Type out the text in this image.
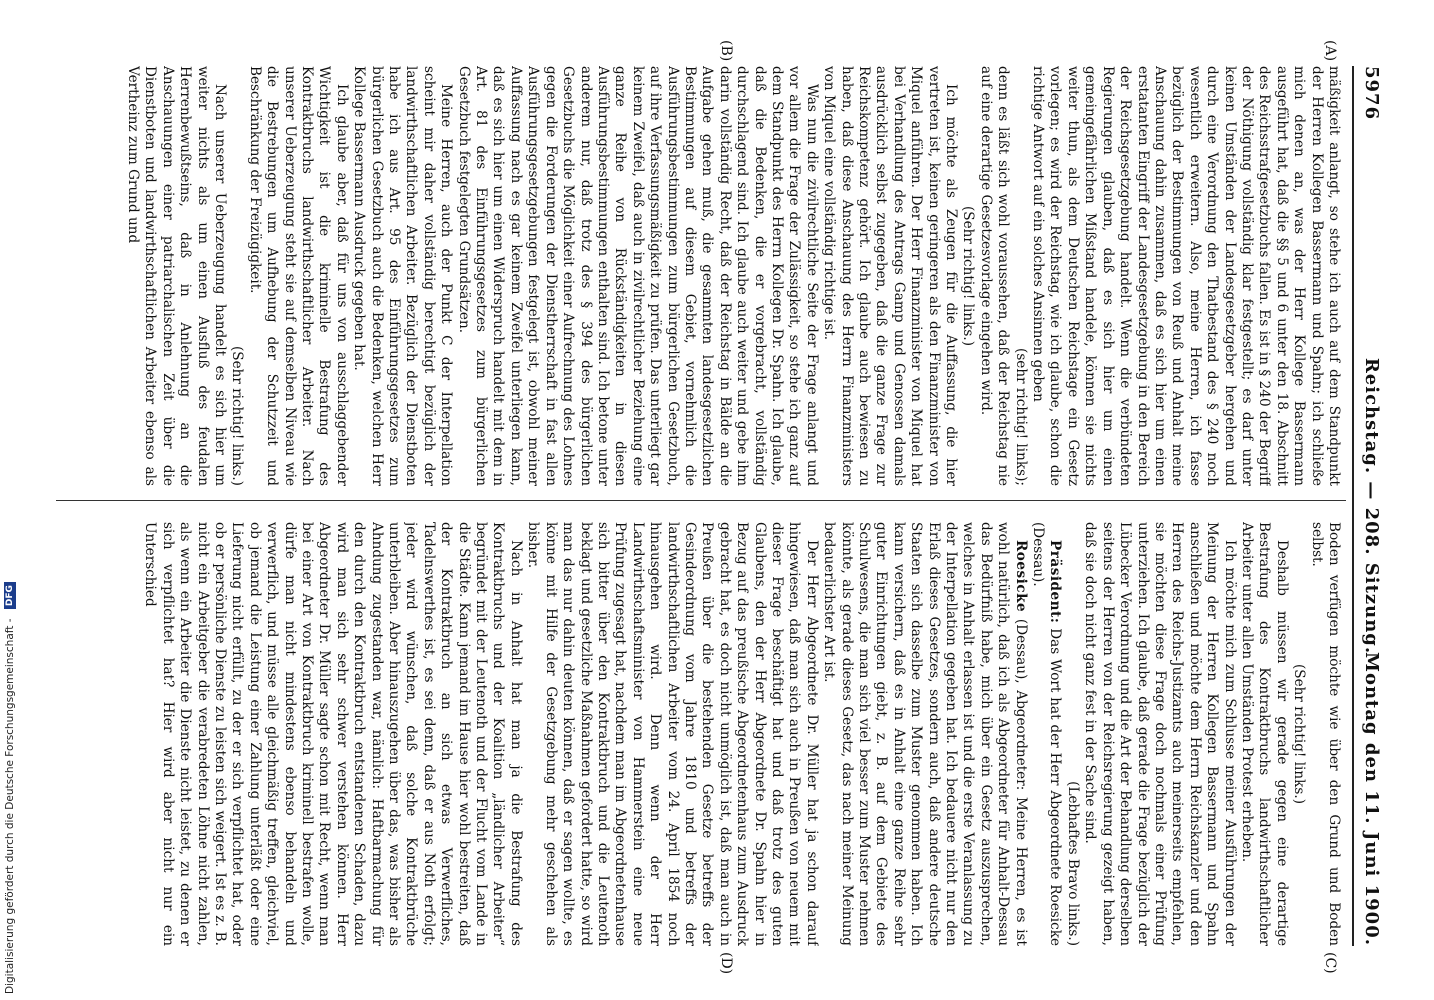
5976
Reichstag. — 208. Sitzung.
Montag den 11. Juni 1900.
(A)
(B)
(C)
(D)

mäßigkeit anlangt, so stehe ich auch auf dem Standpunkt der Herren Kollegen Bassermann und Spahn; ich schließe mich denen an, was der Herr Kollege Bassermann ausgeführt hat, daß die §§ 5 und 6 unter den 18. Abschnitt des Reichsstrafgesetzbuchs fallen. Es ist in § 240 der Begriff der Nöthigung vollständig klar festgestellt; es darf unter keinen Umständen der Landesgesetzgeber hergehen und durch eine Verordnung den Thatbestand des § 240 noch wesentlich erweitern. Also, meine Herren, ich fasse bezüglich der Bestimmungen von Reuß und Anhalt meine Anschauung dahin zusammen, daß es sich hier um einen erstatanten Eingriff der Landesgesetzgebung in den Bereich der Reichsgesetzgebung handelt. Wenn die verbündeten Regierungen glauben, daß es sich hier um einen gemeingefährlichen Mißstand handele, können sie nichts weiter thun, als dem Deutschen Reichstage ein Gesetz vorlegen; es wird der Reichstag, wie ich glaube, schon die richtige Antwort auf ein solches Ansinnen geben

(sehr richtig! links);

denn es läßt sich wohl voraussehen, daß der Reichstag nie auf eine derartige Gesetzesvorlage eingehen wird.

(Sehr richtig! links.)

Ich möchte als Zeugen für die Auffassung, die hier vertreten ist, keinen geringeren als den Finanzminister von Miquel anführen. Der Herr Finanzminister von Miquel hat bei Verhandlung des Antrags Gamp und Genossen damals ausdrücklich selbst zugegeben, daß die ganze Frage zur Reichskompetenz gehört. Ich glaube auch bewiesen zu haben, daß diese Anschauung des Herrn Finanzministers von Miquel eine vollständig richtige ist.

Was nun die zivilrechtliche Seite der Frage anlangt und vor allem die Frage der Zulässigkeit, so stehe ich ganz auf dem Standpunkt des Herrn Kollegen Dr. Spahn. Ich glaube, daß die Bedenken, die er vorgebracht, vollständig durchschlagend sind. Ich glaube auch weiter und gebe ihm darin vollständig Recht, daß der Reichstag in Bälde an die Aufgabe gehen muß, die gesammten landesgesetzlichen Bestimmungen auf diesem Gebiet, vornehmlich die Ausführungsbestimmungen zum bürgerlichen Gesetzbuch, auf ihre Verfassungsmäßigkeit zu prüfen. Das unterliegt gar keinem Zweifel, daß auch in zivilrechtlicher Beziehung eine ganze Reihe von Rückständigkeiten in diesen Ausführungsbestimmungen enthalten sind. Ich betone unter anderem nur, daß trotz des § 394 des bürgerlichen Gesetzbuchs die Möglichkeit einer Aufrechnung des Lohnes gegen die Forderungen der Dienstherrschaft in fast allen Ausführungsgesetzgebungen festgelegt ist, obwohl meiner Auffassung nach es gar keinem Zweifel unterliegen kann, daß es sich hier um einen Widerspruch handelt mit dem in Art. 81 des Einführungsgesetzes zum bürgerlichen Gesetzbuch festgelegten Grundsätzen.

Meine Herren, auch der Punkt C der Interpellation scheint mir daher vollständig berechtigt bezüglich der landwirthschaftlichen Arbeiter. Bezüglich der Dienstboten habe ich aus Art. 95 des Einführungsgesetzes zum bürgerlichen Gesetzbuch auch die Bedenken, welchen Herr Kollege Bassermann Ausdruck gegeben hat.

Ich glaube aber, daß für uns von ausschlaggebender Wichtigkeit ist die kriminelle Bestrafung des Kontraktbruchs landwirthschaftlicher Arbeiter. Nach unserer Ueberzeugung steht sie auf demselben Niveau wie die Bestrebungen um Aufhebung der Schutzzeit und Beschränkung der Freizügigkeit.

(Sehr richtig! links.)

Nach unserer Ueberzeugung handelt es sich hier um weiter nichts als um einen Ausfluß des feudalen Herrenbewußtseins, daß in Anlehnung an die Anschauungen einer patriarchalischen Zeit über die Dienstboten und landwirthschaftlichen Arbeiter ebenso als Vertheinz zum Grund und

Boden verfügen möchte wie über den Grund und Boden selbst.

(Sehr richtig! links.)

Deshalb müssen wir gerade gegen eine derartige Bestrafung des Kontraktbruchs landwirthschaftlicher Arbeiter unter allen Umständen Protest erheben.

Ich möchte mich zum Schlusse meiner Ausführungen der Meinung der Herren Kollegen Bassermann und Spahn anschließen und möchte dem Herrn Reichskanzler und den Herren des Reichs-Justizamts auch meinerseits empfehlen, sie möchten diese Frage doch nochmals einer Prüfung unterziehen. Ich glaube, daß gerade die Frage bezüglich der Lübecker Verordnung und die Art der Behandlung derselben seitens der Herren von der Reichsregierung gezeigt haben, daß sie doch nicht ganz fest in der Sache sind.

(Lebhaftes Bravo links.)

Präsident: Das Wort hat der Herr Abgeordnete Roesicke (Dessau).

Roesicke (Dessau), Abgeordneter: Meine Herren, es ist wohl natürlich, daß ich als Abgeordneter für Anhalt-Dessau das Bedürfniß habe, mich über ein Gesetz auszusprechen, welches in Anhalt erlassen ist und die erste Veranlassung zu der Interpellation gegeben hat. Ich bedauere nicht nur den Erlaß dieses Gesetzes, sondern auch, daß andere deutsche Staaten sich dasselbe zum Muster genommen haben. Ich kann versichern, daß es in Anhalt eine ganze Reihe sehr guter Einrichtungen giebt, z. B. auf dem Gebiete des Schulwesens, die man sich viel besser zum Muster nehmen könnte, als gerade dieses Gesetz, das nach meiner Meinung bedauerlichster Art ist.

Der Herr Abgeordnete Dr. Müller hat ja schon darauf hingewiesen, daß man sich auch in Preußen von neuem mit dieser Frage beschäftigt hat und daß trotz des guten Glaubens, den der Herr Abgeordnete Dr. Spahn hier in Bezug auf das preußische Abgeordnetenhaus zum Ausdruck gebracht hat, es doch nicht unmöglich ist, daß man auch in Preußen über die bestehenden Gesetze betreffs der Gesindeordnung vom Jahre 1810 und betreffs der landwirthschaftlichen Arbeiter vom 24. April 1854 noch hinausgehen wird. Denn wenn der Herr Landwirthschaftsminister von Hammerstein eine neue Prüfung zugesagt hat, nachdem man im Abgeordnetenhause sich bitter über den Kontraktbruch und die Leutenoth beklagt und gesetzliche Maßnahmen gefordert hatte, so wird man das nur dahin deuten können, daß er sagen wollte, es könne mit Hilfe der Gesetzgebung mehr geschehen als bisher.

Nach in Anhalt hat man ja die Bestrafung des Kontraktbruchs und der Koalition „ländlicher Arbeiter“ begründet mit der Leutenoth und der Flucht vom Lande in die Städte. Kann jemand im Hause hier wohl bestreiten, daß der Kontraktbruch an sich etwas Verwerfliches, Tadelnswerthes ist, es sei denn, daß er aus Noth erfolgt; jeder wird wünschen, daß solche Kontraktbrüche unterbleiben. Aber hinauszugehen über das, was bisher als Ahndung zugestanden war, nämlich: Haftbarmachung für den durch den Kontraktbruch entstandenen Schaden, dazu wird man sich sehr schwer verstehen können. Herr Abgeordneter Dr. Müller sagte schon mit Recht, wenn man bei einer Art von Kontraktbruch kriminell bestrafen wolle, dürfe man nicht mindestens ebenso behandeln und verwerflich, und müsse alle gleichmäßig treffen, gleichviel, ob jemand die Leistung einer Zahlung unterläßt oder eine Lieferung nicht erfüllt, zu der er sich verpflichtet hat, oder ob er persönliche Dienste zu leisten sich weigert. Ist es z. B. nicht ein Arbeitgeber die verabredeten Löhne nicht zahlen, als wenn ein Arbeiter die Dienste nicht leistet, zu denen er sich verpflichtet hat? Hier wird aber nicht nur ein Unterschied

Digitalisierung gefördert durch die Deutsche Forschungsgemeinschaft - DFG
